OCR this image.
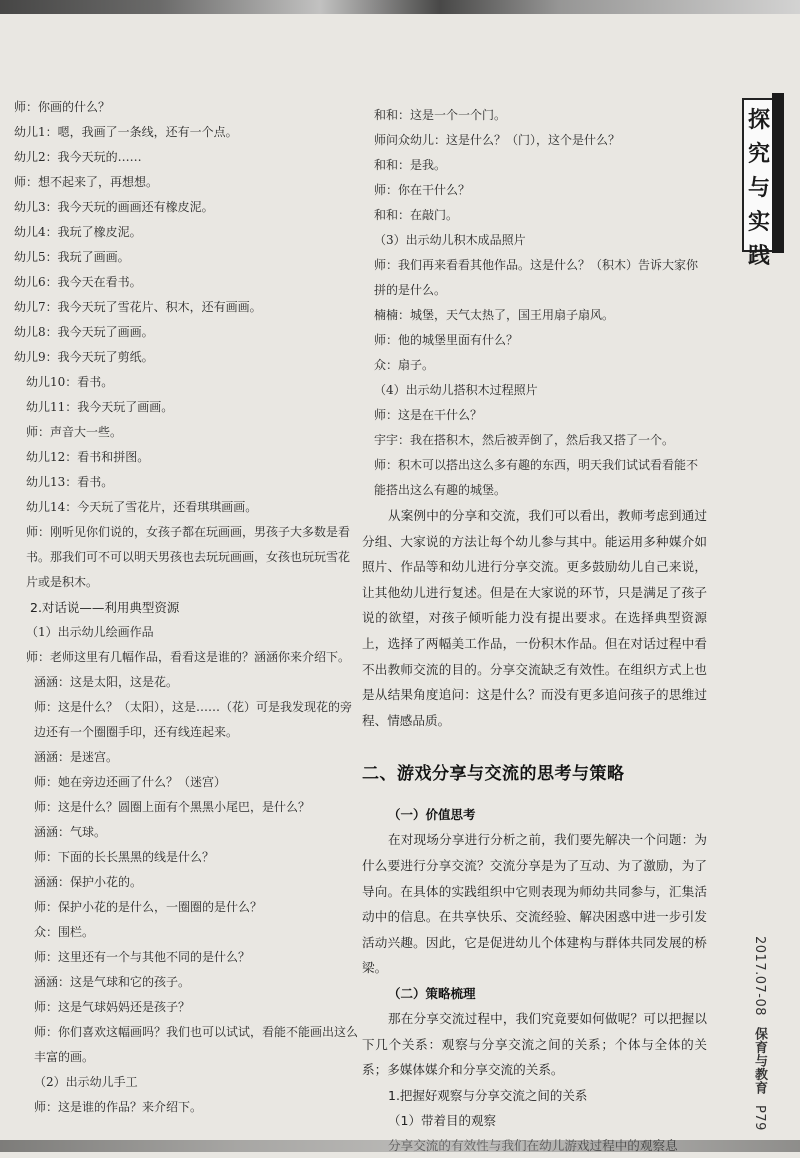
师：你画的什么？
幼儿1：嗯，我画了一条线，还有一个点。
幼儿2：我今天玩的……
师：想不起来了，再想想。
幼儿3：我今天玩的画画还有橡皮泥。
幼儿4：我玩了橡皮泥。
幼儿5：我玩了画画。
幼儿6：我今天在看书。
幼儿7：我今天玩了雪花片、积木，还有画画。
幼儿8：我今天玩了画画。
幼儿9：我今天玩了剪纸。
幼儿10：看书。
幼儿11：我今天玩了画画。
师：声音大一些。
幼儿12：看书和拼图。
幼儿13：看书。
幼儿14：今天玩了雪花片，还看琪琪画画。
师：刚听见你们说的，女孩子都在玩画画，男孩子大多数是看书。那我们可不可以明天男孩也去玩玩画画，女孩也玩玩雪花片或是积木。
2.对话说——利用典型资源
（1）出示幼儿绘画作品
师：老师这里有几幅作品，看看这是谁的？涵涵你来介绍下。
涵涵：这是太阳，这是花。
师：这是什么？（太阳），这是……（花）可是我发现花的旁边还有一个圈圈手印，还有线连起来。
涵涵：是迷宫。
师：她在旁边还画了什么？（迷宫）
师：这是什么？圆圈上面有个黑黑小尾巴，是什么？
涵涵：气球。
师：下面的长长黑黑的线是什么？
涵涵：保护小花的。
师：保护小花的是什么，一圈圈的是什么？
众：围栏。
师：这里还有一个与其他不同的是什么？
涵涵：这是气球和它的孩子。
师：这是气球妈妈还是孩子？
师：你们喜欢这幅画吗？我们也可以试试，看能不能画出这么丰富的画。
（2）出示幼儿手工
师：这是谁的作品？来介绍下。
和和：这是一个一个门。
师问众幼儿：这是什么？（门），这个是什么？
和和：是我。
师：你在干什么？
和和：在敲门。
（3）出示幼儿积木成品照片
师：我们再来看看其他作品。这是什么？（积木）告诉大家你拼的是什么。
楠楠：城堡，天气太热了，国王用扇子扇风。
师：他的城堡里面有什么？
众：扇子。
（4）出示幼儿搭积木过程照片
师：这是在干什么？
宇宇：我在搭积木，然后被弄倒了，然后我又搭了一个。
师：积木可以搭出这么多有趣的东西，明天我们试试看看能不能搭出这么有趣的城堡。
从案例中的分享和交流，我们可以看出，教师考虑到通过分组、大家说的方法让每个幼儿参与其中。能运用多种媒介如照片、作品等和幼儿进行分享交流。更多鼓励幼儿自己来说，让其他幼儿进行复述。但是在大家说的环节，只是满足了孩子说的欲望，对孩子倾听能力没有提出要求。在选择典型资源上，选择了两幅美工作品，一份积木作品。但在对话过程中看不出教师交流的目的。分享交流缺乏有效性。在组织方式上也是从结果角度追问：这是什么？而没有更多追问孩子的思维过程、情感品质。
二、游戏分享与交流的思考与策略
（一）价值思考
在对现场分享进行分析之前，我们要先解决一个问题：为什么要进行分享交流？交流分享是为了互动、为了激励，为了导向。在具体的实践组织中它则表现为师幼共同参与，汇集活动中的信息。在共享快乐、交流经验、解决困惑中进一步引发活动兴趣。因此，它是促进幼儿个体建构与群体共同发展的桥梁。
（二）策略梳理
那在分享交流过程中，我们究竟要如何做呢？可以把握以下几个关系：观察与分享交流之间的关系；个体与全体的关系；多媒体媒介和分享交流的关系。
1.把握好观察与分享交流之间的关系
（1）带着目的观察
探
究
与
实
践
2017.07-08 保育与教育 P79
